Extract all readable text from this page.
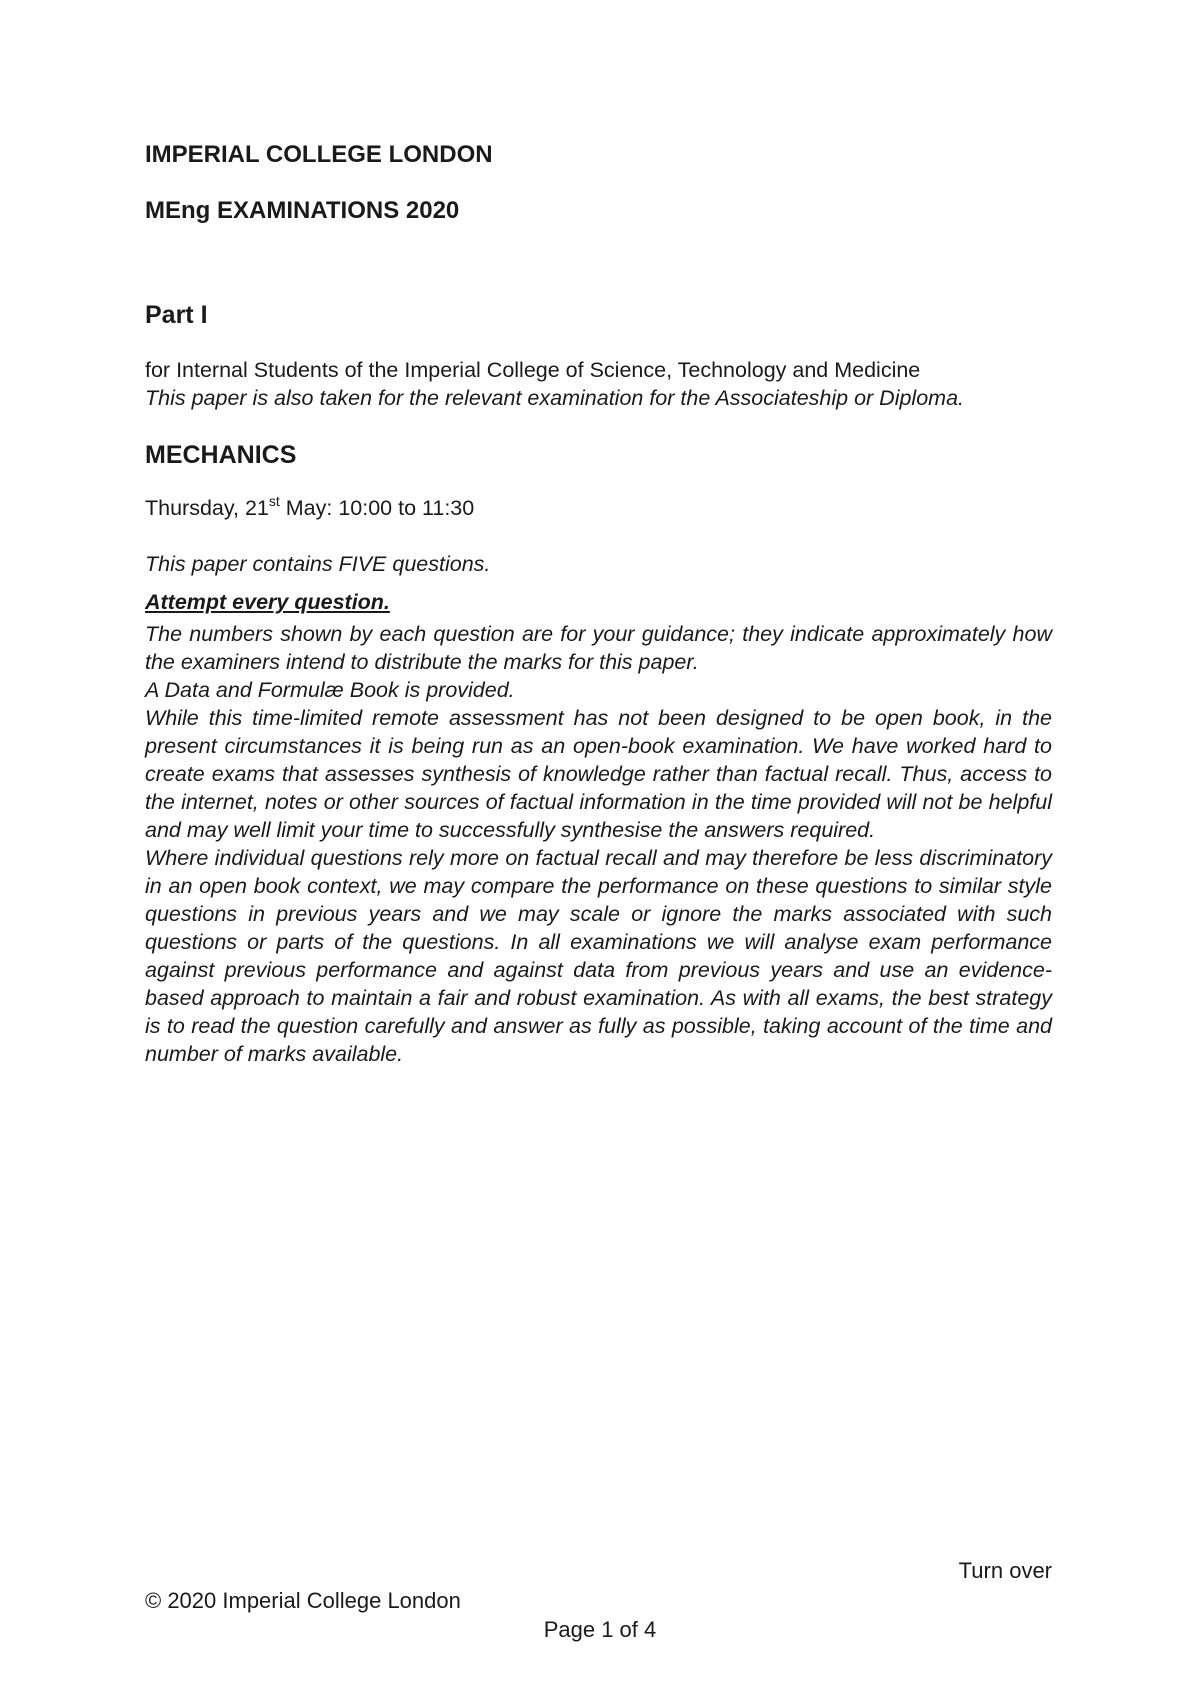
IMPERIAL COLLEGE LONDON

MEng EXAMINATIONS 2020

Part I

for Internal Students of the Imperial College of Science, Technology and Medicine

This paper is also taken for the relevant examination for the Associateship or Diploma.

MECHANICS

Thursday, 21st May: 10:00 to 11:30

This paper contains FIVE questions.

Attempt every question.

The numbers shown by each question are for your guidance; they indicate approximately how the examiners intend to distribute the marks for this paper.

A Data and Formulæ Book is provided.

While this time-limited remote assessment has not been designed to be open book, in the present circumstances it is being run as an open-book examination. We have worked hard to create exams that assesses synthesis of knowledge rather than factual recall. Thus, access to the internet, notes or other sources of factual information in the time provided will not be helpful and may well limit your time to successfully synthesise the answers required.

Where individual questions rely more on factual recall and may therefore be less discriminatory in an open book context, we may compare the performance on these questions to similar style questions in previous years and we may scale or ignore the marks associated with such questions or parts of the questions. In all examinations we will analyse exam performance against previous performance and against data from previous years and use an evidence-based approach to maintain a fair and robust examination. As with all exams, the best strategy is to read the question carefully and answer as fully as possible, taking account of the time and number of marks available.

Turn over

© 2020 Imperial College London

Page 1 of 4
